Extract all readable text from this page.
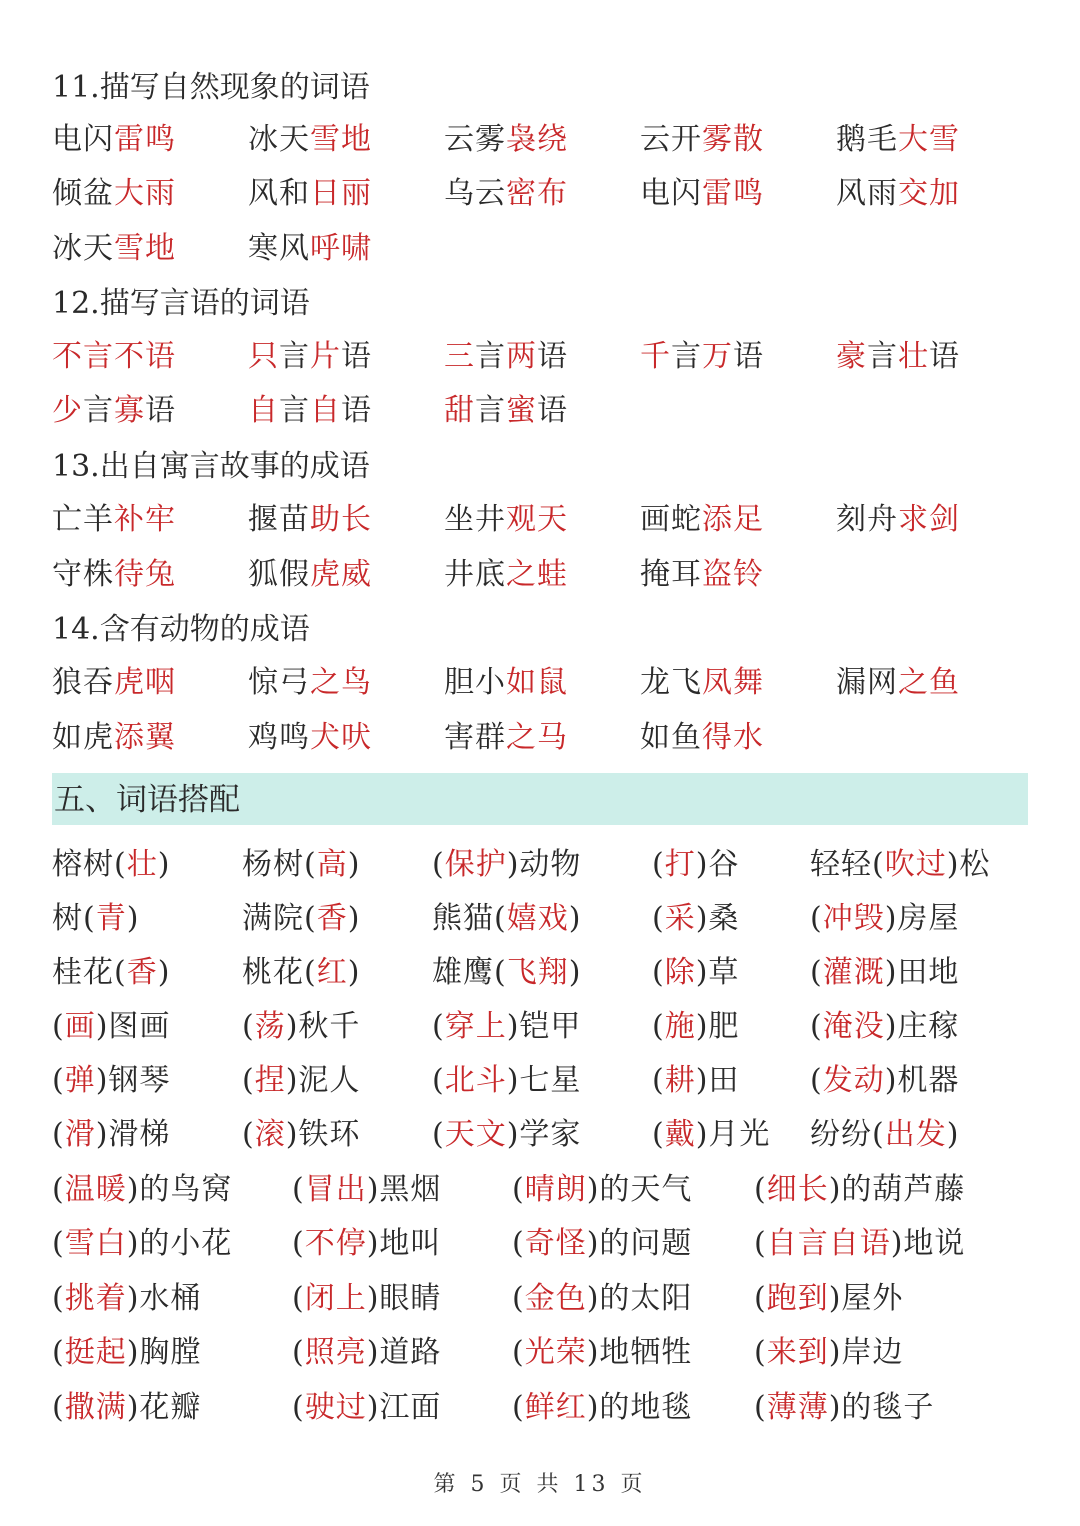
11.描写自然现象的词语
电闪雷鸣 冰天雪地 云雾袅绕 云开雾散 鹅毛大雪
倾盆大雨 风和日丽 乌云密布 电闪雷鸣 风雨交加
冰天雪地 寒风呼啸
12.描写言语的词语
不言不语 只言片语 三言两语 千言万语 豪言壮语
少言寡语 自言自语 甜言蜜语
13.出自寓言故事的成语
亡羊补牢 揠苗助长 坐井观天 画蛇添足 刻舟求剑
守株待兔 狐假虎威 井底之蛙 掩耳盗铃
14.含有动物的成语
狼吞虎咽 惊弓之鸟 胆小如鼠 龙飞凤舞 漏网之鱼
如虎添翼 鸡鸣犬吠 害群之马 如鱼得水
榕树(壮) 杨树(高) (保护)动物 (打)谷 轻轻(吹过)松
树(青)	满院(香) 熊猫(嬉戏) (采)桑 (冲毁)房屋
桂花(香) 桃花(红) 雄鹰(飞翔) (除)草 (灌溉)田地
(画)图画 (荡)秋千 (穿上)铠甲 (施)肥 (淹没)庄稼
(弹)钢琴 (捏)泥人 (北斗)七星 (耕)田 (发动)机器
(滑)滑梯 (滚)铁环 (天文)学家 (戴)月光 纷纷(出发)
(温暖)的鸟窝 (冒出)黑烟 (晴朗)的天气 (细长)的葫芦藤
(雪白)的小花 (不停)地叫 (奇怪)的问题 (自言自语)地说
(挑着)水桶	(闭上)眼睛 (金色)的太阳 (跑到)屋外
(挺起)胸膛	(照亮)道路 (光荣)地牺牲 (来到)岸边
(撒满)花瓣	(驶过)江面 (鲜红)的地毯 (薄薄)的毯子
五、词语搭配
第 5 页 共 13 页
